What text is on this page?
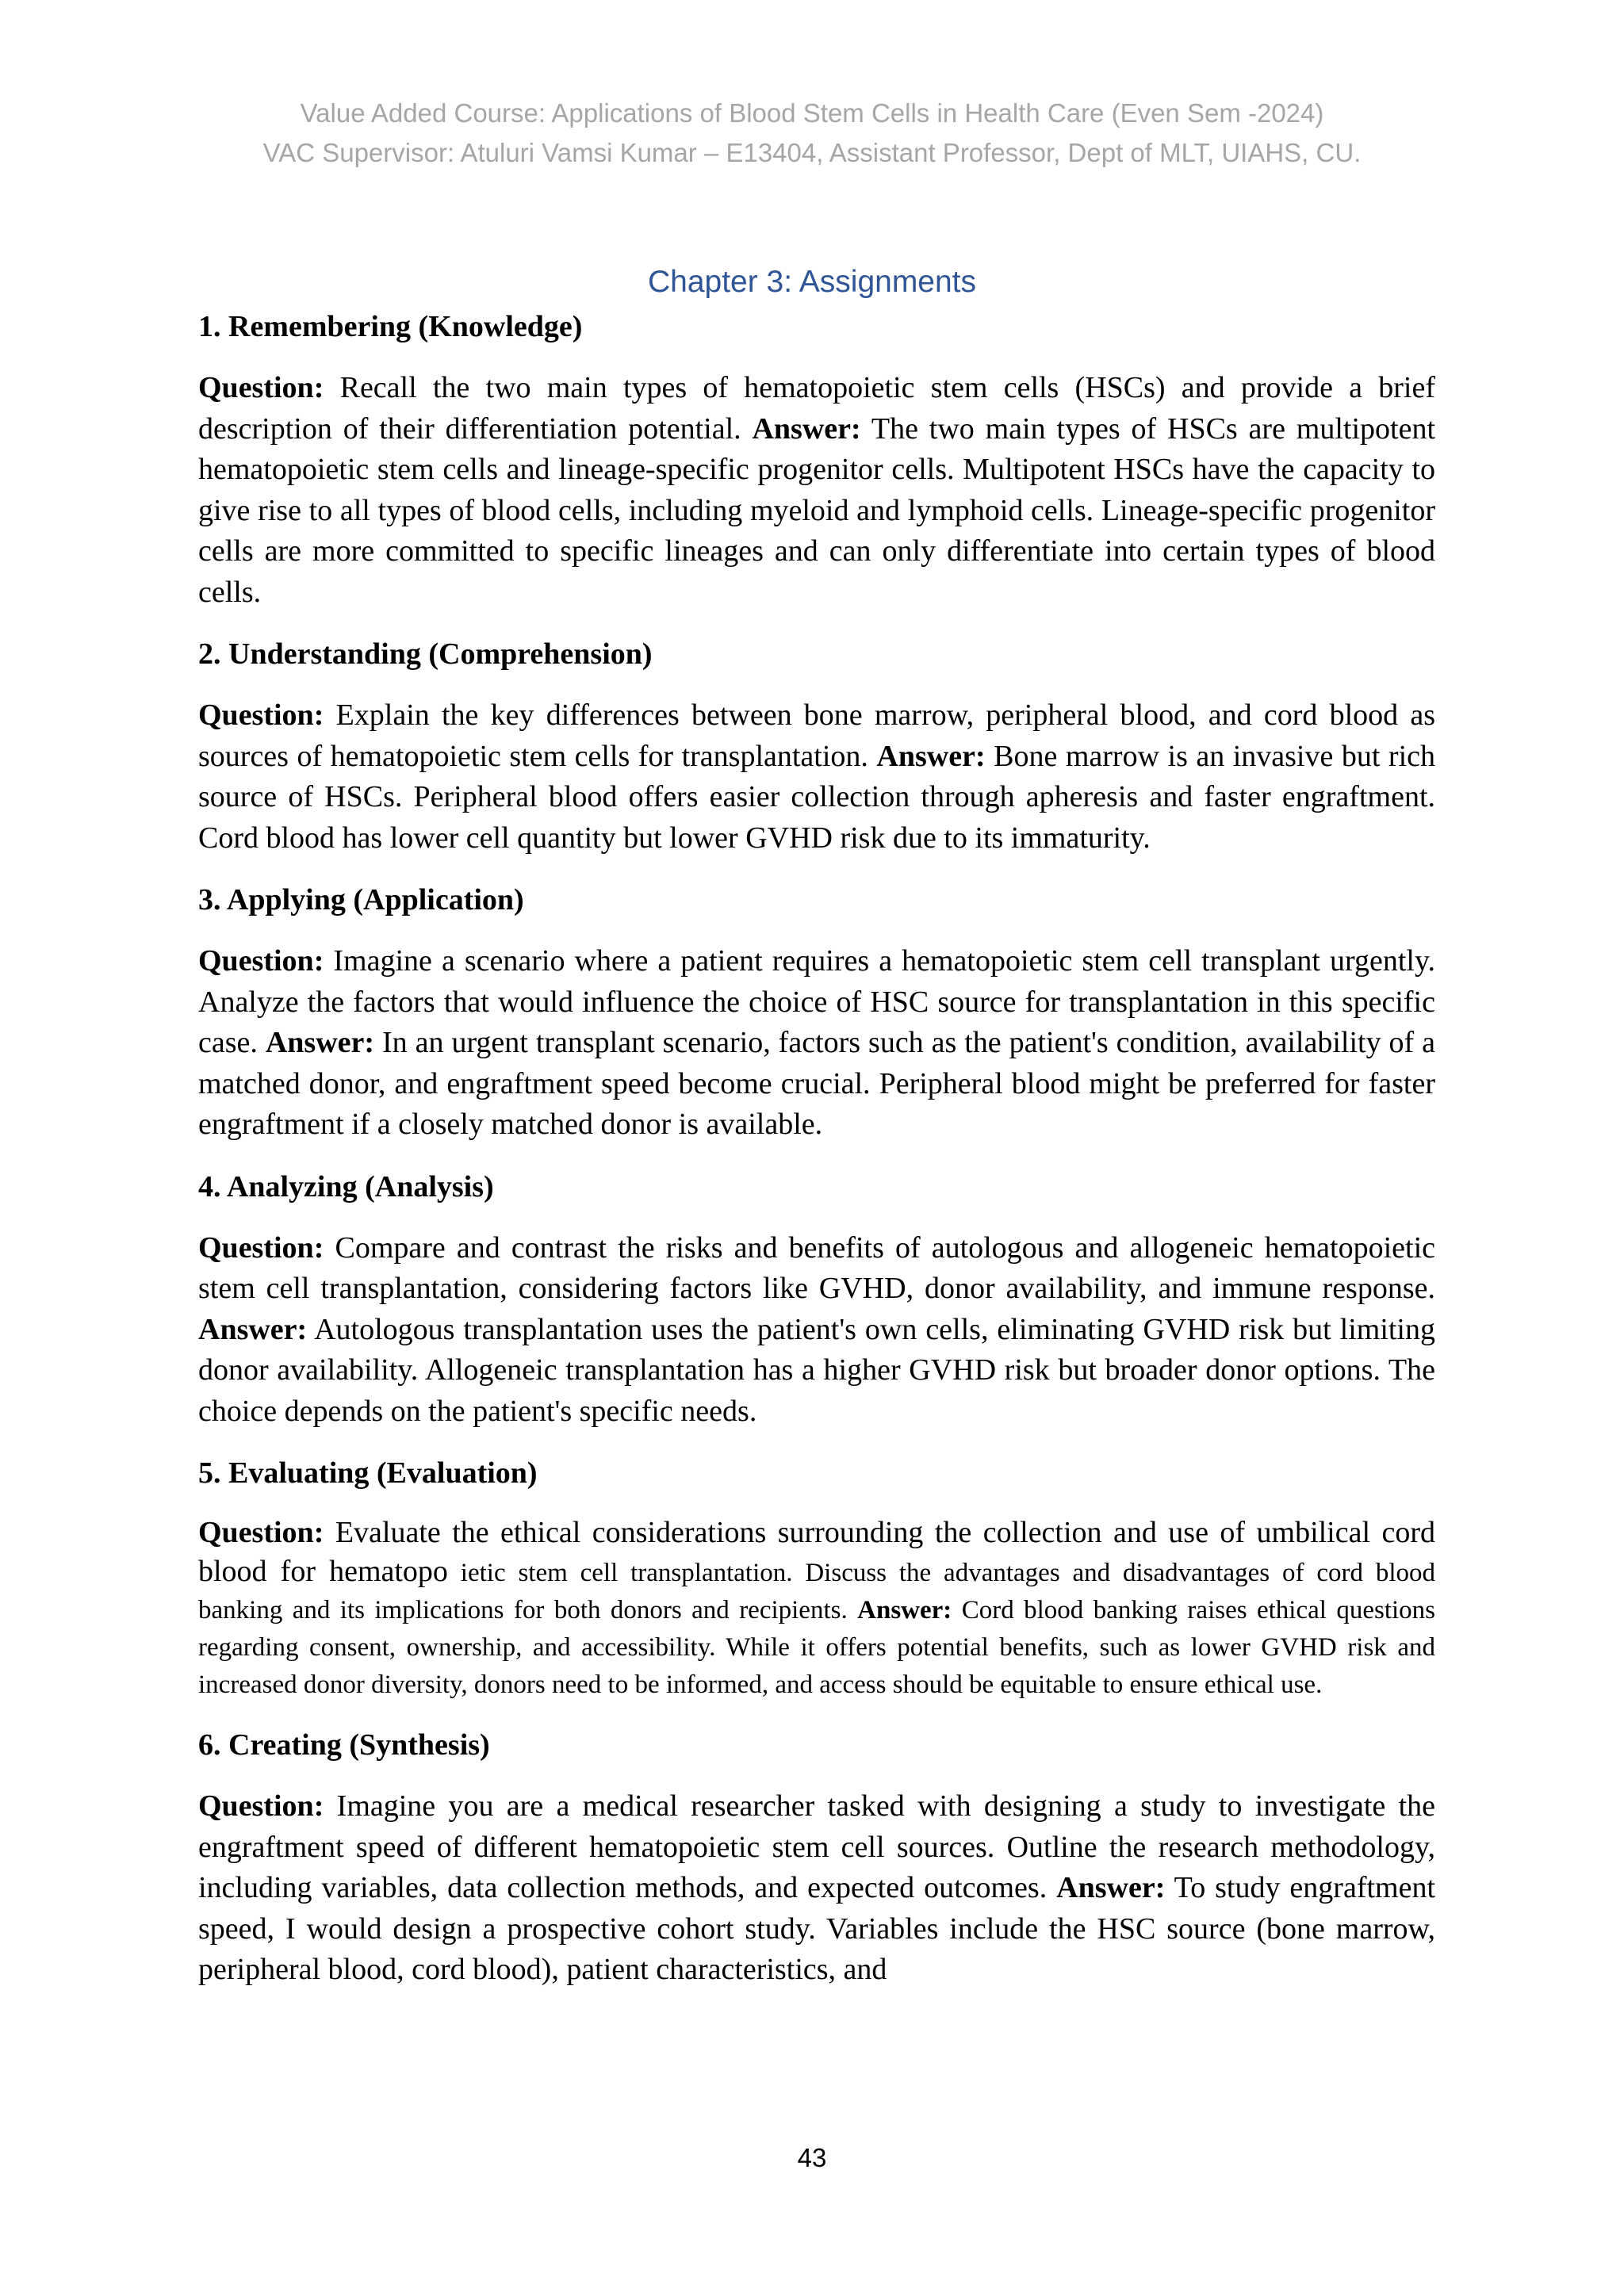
Value Added Course: Applications of Blood Stem Cells in Health Care (Even Sem -2024)
VAC Supervisor: Atuluri Vamsi Kumar – E13404, Assistant Professor, Dept of MLT, UIAHS, CU.
Chapter 3: Assignments
1. Remembering (Knowledge)

Question: Recall the two main types of hematopoietic stem cells (HSCs) and provide a brief description of their differentiation potential. Answer: The two main types of HSCs are multipotent hematopoietic stem cells and lineage-specific progenitor cells. Multipotent HSCs have the capacity to give rise to all types of blood cells, including myeloid and lymphoid cells. Lineage-specific progenitor cells are more committed to specific lineages and can only differentiate into certain types of blood cells.

2. Understanding (Comprehension)

Question: Explain the key differences between bone marrow, peripheral blood, and cord blood as sources of hematopoietic stem cells for transplantation. Answer: Bone marrow is an invasive but rich source of HSCs. Peripheral blood offers easier collection through apheresis and faster engraftment. Cord blood has lower cell quantity but lower GVHD risk due to its immaturity.

3. Applying (Application)

Question: Imagine a scenario where a patient requires a hematopoietic stem cell transplant urgently. Analyze the factors that would influence the choice of HSC source for transplantation in this specific case. Answer: In an urgent transplant scenario, factors such as the patient's condition, availability of a matched donor, and engraftment speed become crucial. Peripheral blood might be preferred for faster engraftment if a closely matched donor is available.

4. Analyzing (Analysis)

Question: Compare and contrast the risks and benefits of autologous and allogeneic hematopoietic stem cell transplantation, considering factors like GVHD, donor availability, and immune response. Answer: Autologous transplantation uses the patient's own cells, eliminating GVHD risk but limiting donor availability. Allogeneic transplantation has a higher GVHD risk but broader donor options. The choice depends on the patient's specific needs.

5. Evaluating (Evaluation)

Question: Evaluate the ethical considerations surrounding the collection and use of umbilical cord blood for hematopo ietic stem cell transplantation. Discuss the advantages and disadvantages of cord blood banking and its implications for both donors and recipients. Answer: Cord blood banking raises ethical questions regarding consent, ownership, and accessibility. While it offers potential benefits, such as lower GVHD risk and increased donor diversity, donors need to be informed, and access should be equitable to ensure ethical use.

6. Creating (Synthesis)

Question: Imagine you are a medical researcher tasked with designing a study to investigate the engraftment speed of different hematopoietic stem cell sources. Outline the research methodology, including variables, data collection methods, and expected outcomes. Answer: To study engraftment speed, I would design a prospective cohort study. Variables include the HSC source (bone marrow, peripheral blood, cord blood), patient characteristics, and

43
